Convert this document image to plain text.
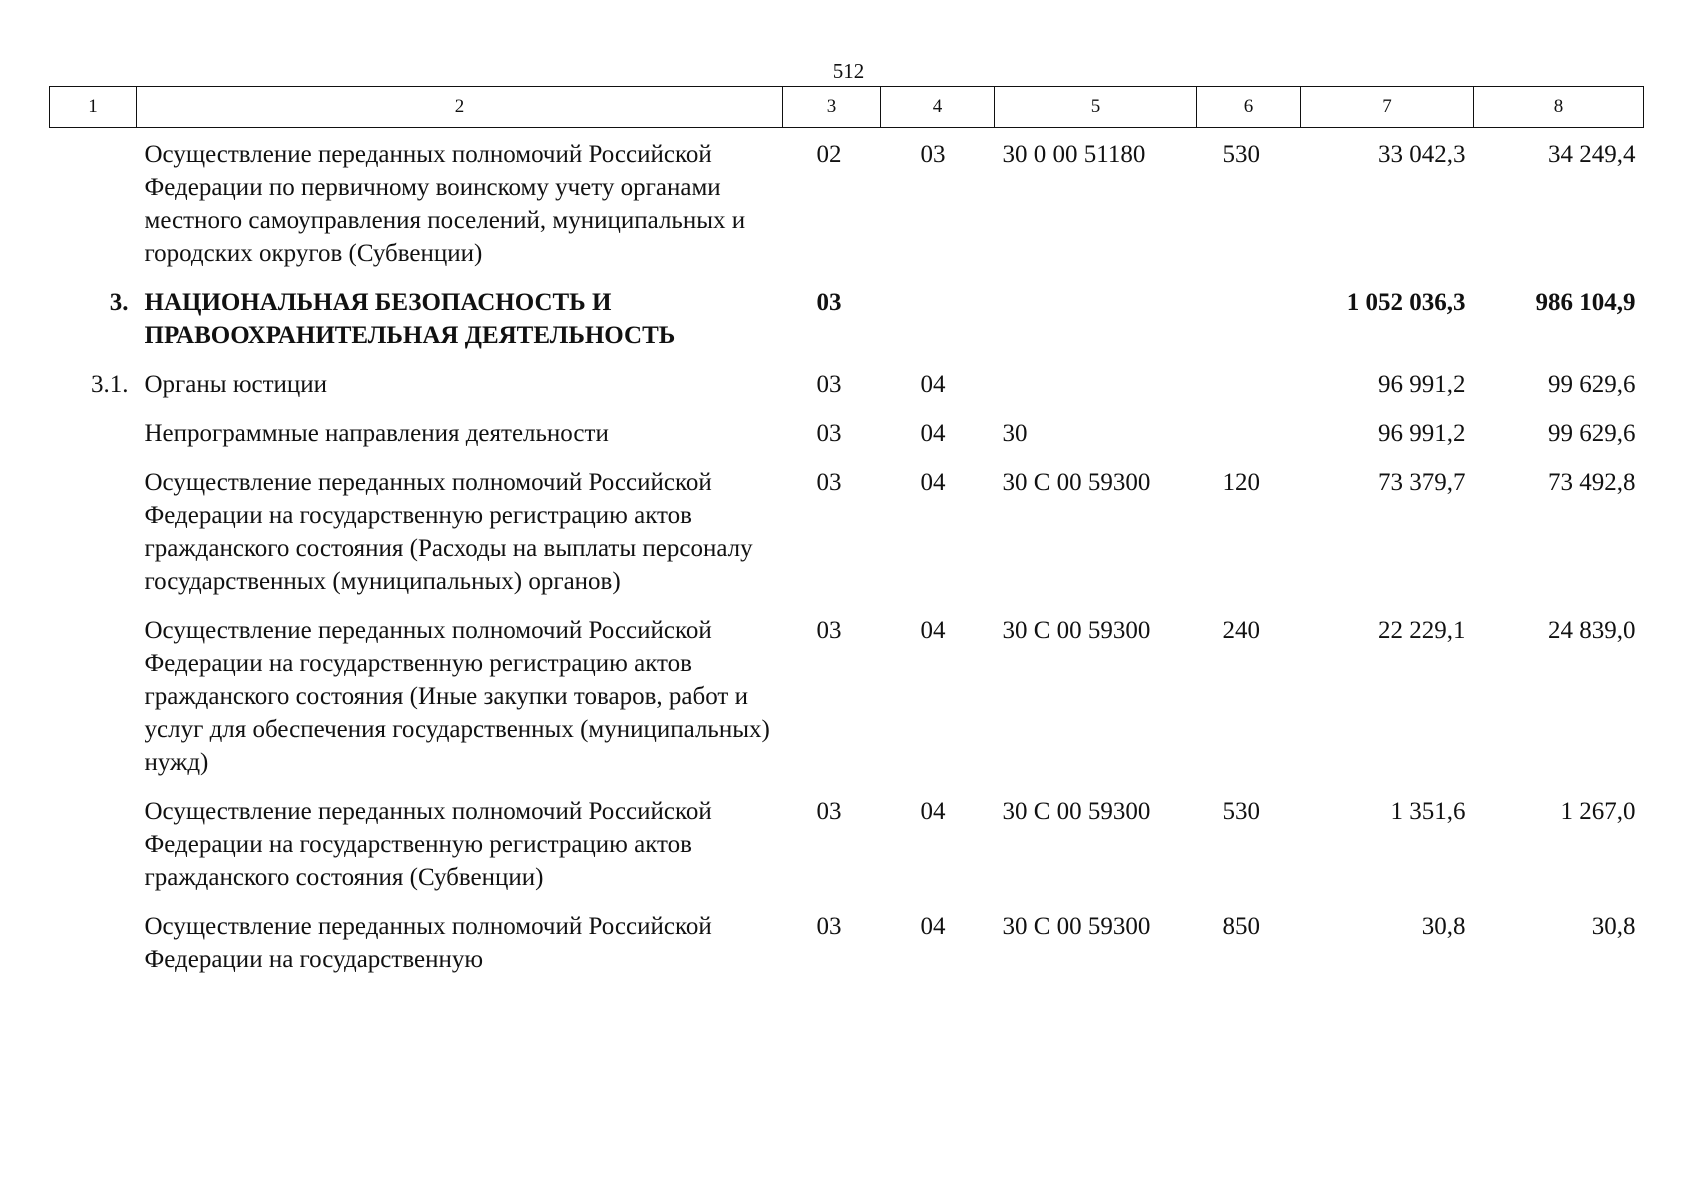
512
1	2	3	4	5	6	7	8
	Осуществление переданных полномочий Российской Федерации по первичному воинскому учету органами местного самоуправления поселений, муниципальных и городских округов (Субвенции)	02	03	30 0 00 51180	530	33 042,3	34 249,4
3.	НАЦИОНАЛЬНАЯ БЕЗОПАСНОСТЬ И ПРАВООХРАНИТЕЛЬНАЯ ДЕЯТЕЛЬНОСТЬ	03				1 052 036,3	986 104,9
3.1.	Органы юстиции	03	04			96 991,2	99 629,6
	Непрограммные направления деятельности	03	04	30		96 991,2	99 629,6
	Осуществление переданных полномочий Российской Федерации на государственную регистрацию актов гражданского состояния (Расходы на выплаты персоналу государственных (муниципальных) органов)	03	04	30 С 00 59300	120	73 379,7	73 492,8
	Осуществление переданных полномочий Российской Федерации на государственную регистрацию актов гражданского состояния (Иные закупки товаров, работ и услуг для обеспечения государственных (муниципальных) нужд)	03	04	30 С 00 59300	240	22 229,1	24 839,0
	Осуществление переданных полномочий Российской Федерации на государственную регистрацию актов гражданского состояния (Субвенции)	03	04	30 С 00 59300	530	1 351,6	1 267,0
	Осуществление переданных полномочий Российской Федерации на государственную	03	04	30 С 00 59300	850	30,8	30,8
